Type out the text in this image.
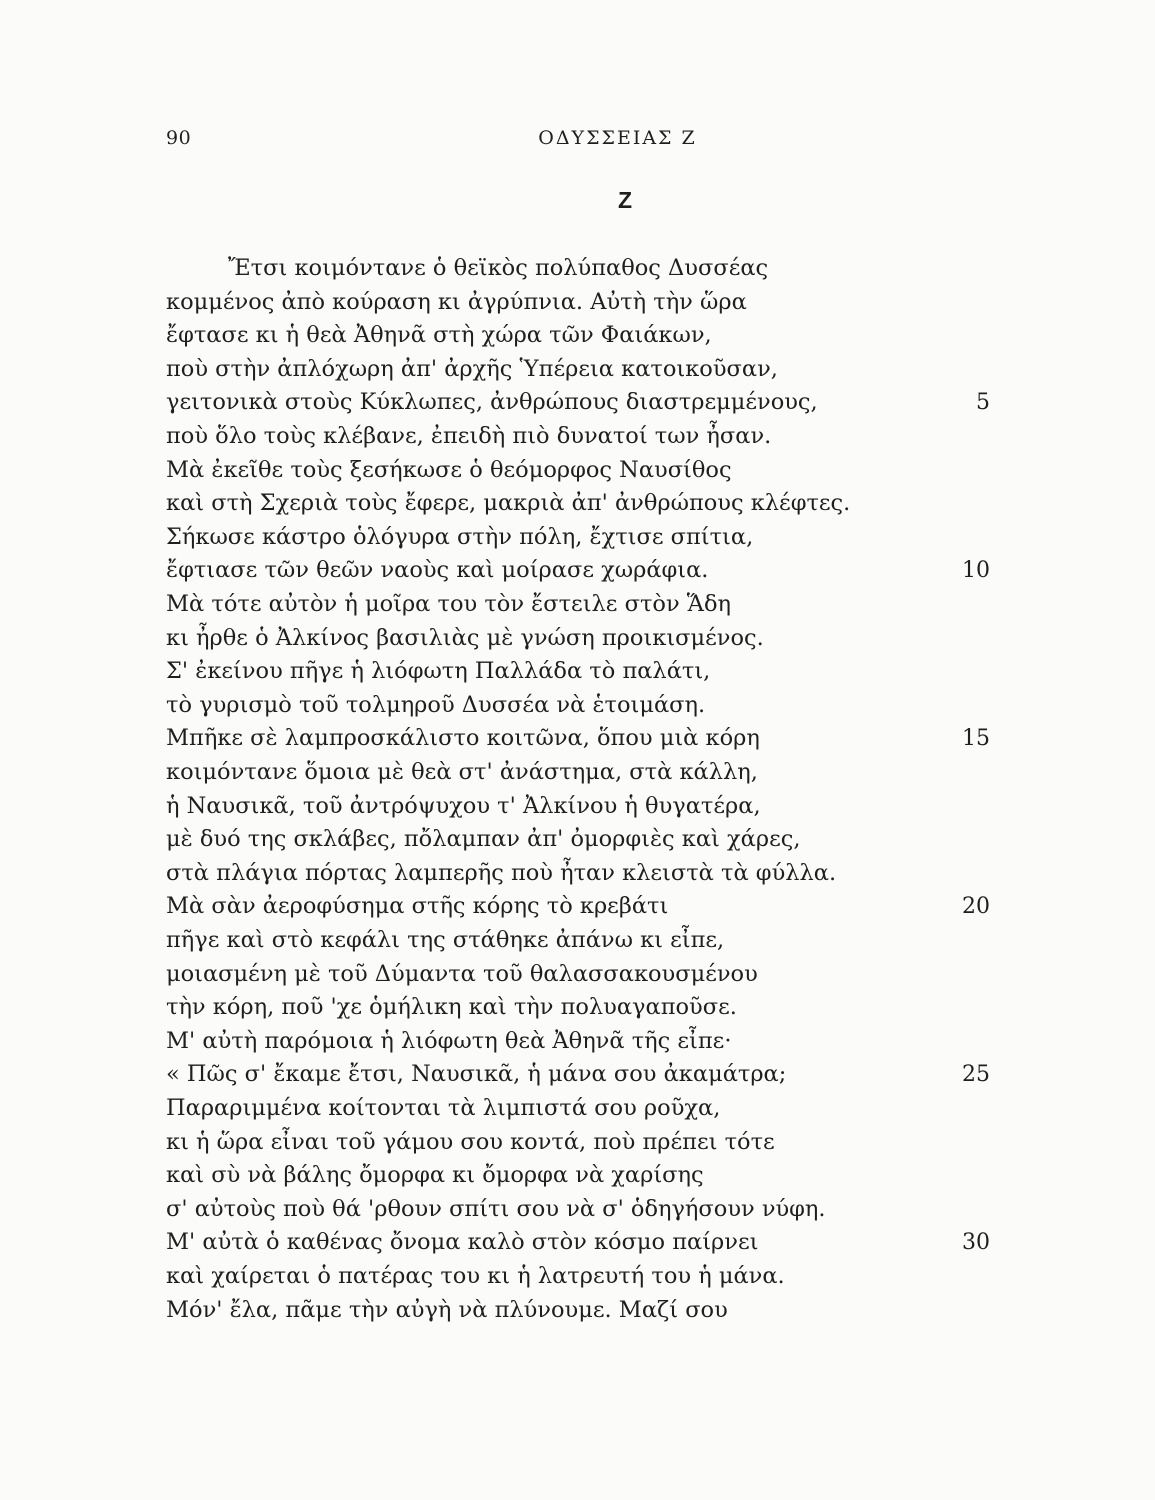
90	ΟΔΥΣΣΕΙΑΣ Ζ
Ζ
Ἔτσι κοιμόντανε ὁ θεϊκὸς πολύπαθος Δυσσέας
κομμένος ἀπὸ κούραση κι ἀγρύπνια. Αὐτὴ τὴν ὥρα
ἔφτασε κι ἡ θεὰ Ἀθηνᾶ στὴ χώρα τῶν Φαιάκων,
ποὺ στὴν ἀπλόχωρη ἀπ' ἀρχῆς Ὑπέρεια κατοικοῦσαν,
γειτονικὰ στοὺς Κύκλωπες, ἀνθρώπους διαστρεμμένους,
ποὺ ὅλο τοὺς κλέβανε, ἐπειδὴ πιὸ δυνατοί των ἦσαν.
Μὰ ἐκεῖθε τοὺς ξεσήκωσε ὁ θεόμορφος Ναυσίθος
καὶ στὴ Σχεριὰ τοὺς ἔφερε, μακριὰ ἀπ' ἀνθρώπους κλέφτες.
Σήκωσε κάστρο ὁλόγυρα στὴν πόλη, ἔχτισε σπίτια,
ἔφτιασε τῶν θεῶν ναοὺς καὶ μοίρασε χωράφια.
Μὰ τότε αὐτὸν ἡ μοῖρα του τὸν ἔστειλε στὸν Ἅδη
κι ἦρθε ὁ Ἀλκίνος βασιλιὰς μὲ γνώση προικισμένος.
Σ' ἐκείνου πῆγε ἡ λιόφωτη Παλλάδα τὸ παλάτι,
τὸ γυρισμὸ τοῦ τολμηροῦ Δυσσέα νὰ ἑτοιμάση.
Μπῆκε σὲ λαμπροσκάλιστο κοιτῶνα, ὅπου μιὰ κόρη
κοιμόντανε ὅμοια μὲ θεὰ στ' ἀνάστημα, στὰ κάλλη,
ἡ Ναυσικᾶ, τοῦ ἀντρόψυχου τ' Ἀλκίνου ἡ θυγατέρα,
μὲ δυό της σκλάβες, πὄλαμπαν ἀπ' ὀμορφιὲς καὶ χάρες,
στὰ πλάγια πόρτας λαμπερῆς ποὺ ἦταν κλειστὰ τὰ φύλλα.
Μὰ σὰν ἀεροφύσημα στῆς κόρης τὸ κρεβάτι
πῆγε καὶ στὸ κεφάλι της στάθηκε ἀπάνω κι εἶπε,
μοιασμένη μὲ τοῦ Δύμαντα τοῦ θαλασσακουσμένου
τὴν κόρη, ποῦ 'χε ὁμήλικη καὶ τὴν πολυαγαποῦσε.
Μ' αὐτὴ παρόμοια ἡ λιόφωτη θεὰ Ἀθηνᾶ τῆς εἶπε·
« Πῶς σ' ἔκαμε ἔτσι, Ναυσικᾶ, ἡ μάνα σου ἀκαμάτρα;
Παραριμμένα κοίτονται τὰ λιμπιστά σου ροῦχα,
κι ἡ ὥρα εἶναι τοῦ γάμου σου κοντά, ποὺ πρέπει τότε
καὶ σὺ νὰ βάλης ὄμορφα κι ὄμορφα νὰ χαρίσης
σ' αὐτοὺς ποὺ θά 'ρθουν σπίτι σου νὰ σ' ὁδηγήσουν νύφη.
Μ' αὐτὰ ὁ καθένας ὄνομα καλὸ στὸν κόσμο παίρνει
καὶ χαίρεται ὁ πατέρας του κι ἡ λατρευτή του ἡ μάνα.
Μόν' ἔλα, πᾶμε τὴν αὐγὴ νὰ πλύνουμε. Μαζί σου
5
10
15
20
25
30
